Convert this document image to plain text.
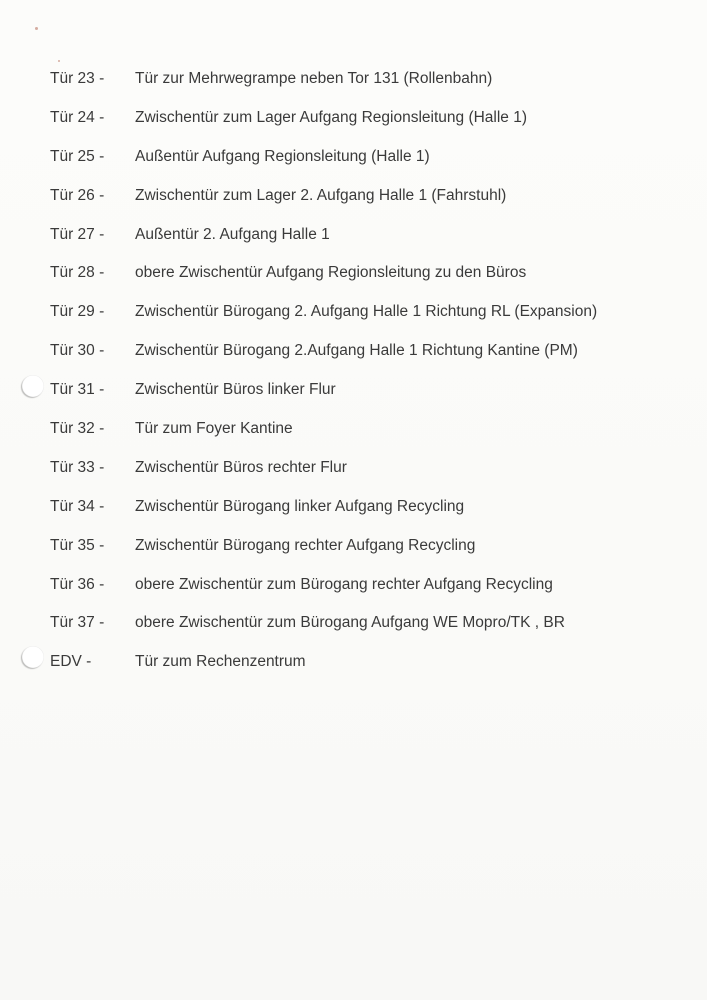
Tür 23 - Tür zur Mehrwegrampe neben Tor 131 (Rollenbahn)
Tür 24 - Zwischentür zum Lager Aufgang Regionsleitung (Halle 1)
Tür 25 - Außentür Aufgang Regionsleitung (Halle 1)
Tür 26 - Zwischentür zum Lager 2. Aufgang Halle 1 (Fahrstuhl)
Tür 27 - Außentür 2. Aufgang Halle 1
Tür 28 - obere Zwischentür Aufgang Regionsleitung zu den Büros
Tür 29 - Zwischentür Bürogang 2. Aufgang Halle 1 Richtung RL (Expansion)
Tür 30 - Zwischentür Bürogang 2.Aufgang Halle 1 Richtung Kantine (PM)
Tür 31 - Zwischentür Büros linker Flur
Tür 32 - Tür zum Foyer Kantine
Tür 33 - Zwischentür Büros rechter Flur
Tür 34 - Zwischentür Bürogang linker Aufgang Recycling
Tür 35 - Zwischentür Bürogang rechter Aufgang Recycling
Tür 36 - obere Zwischentür zum Bürogang rechter Aufgang Recycling
Tür 37 - obere Zwischentür zum Bürogang Aufgang WE Mopro/TK , BR
EDV -	Tür zum Rechenzentrum
